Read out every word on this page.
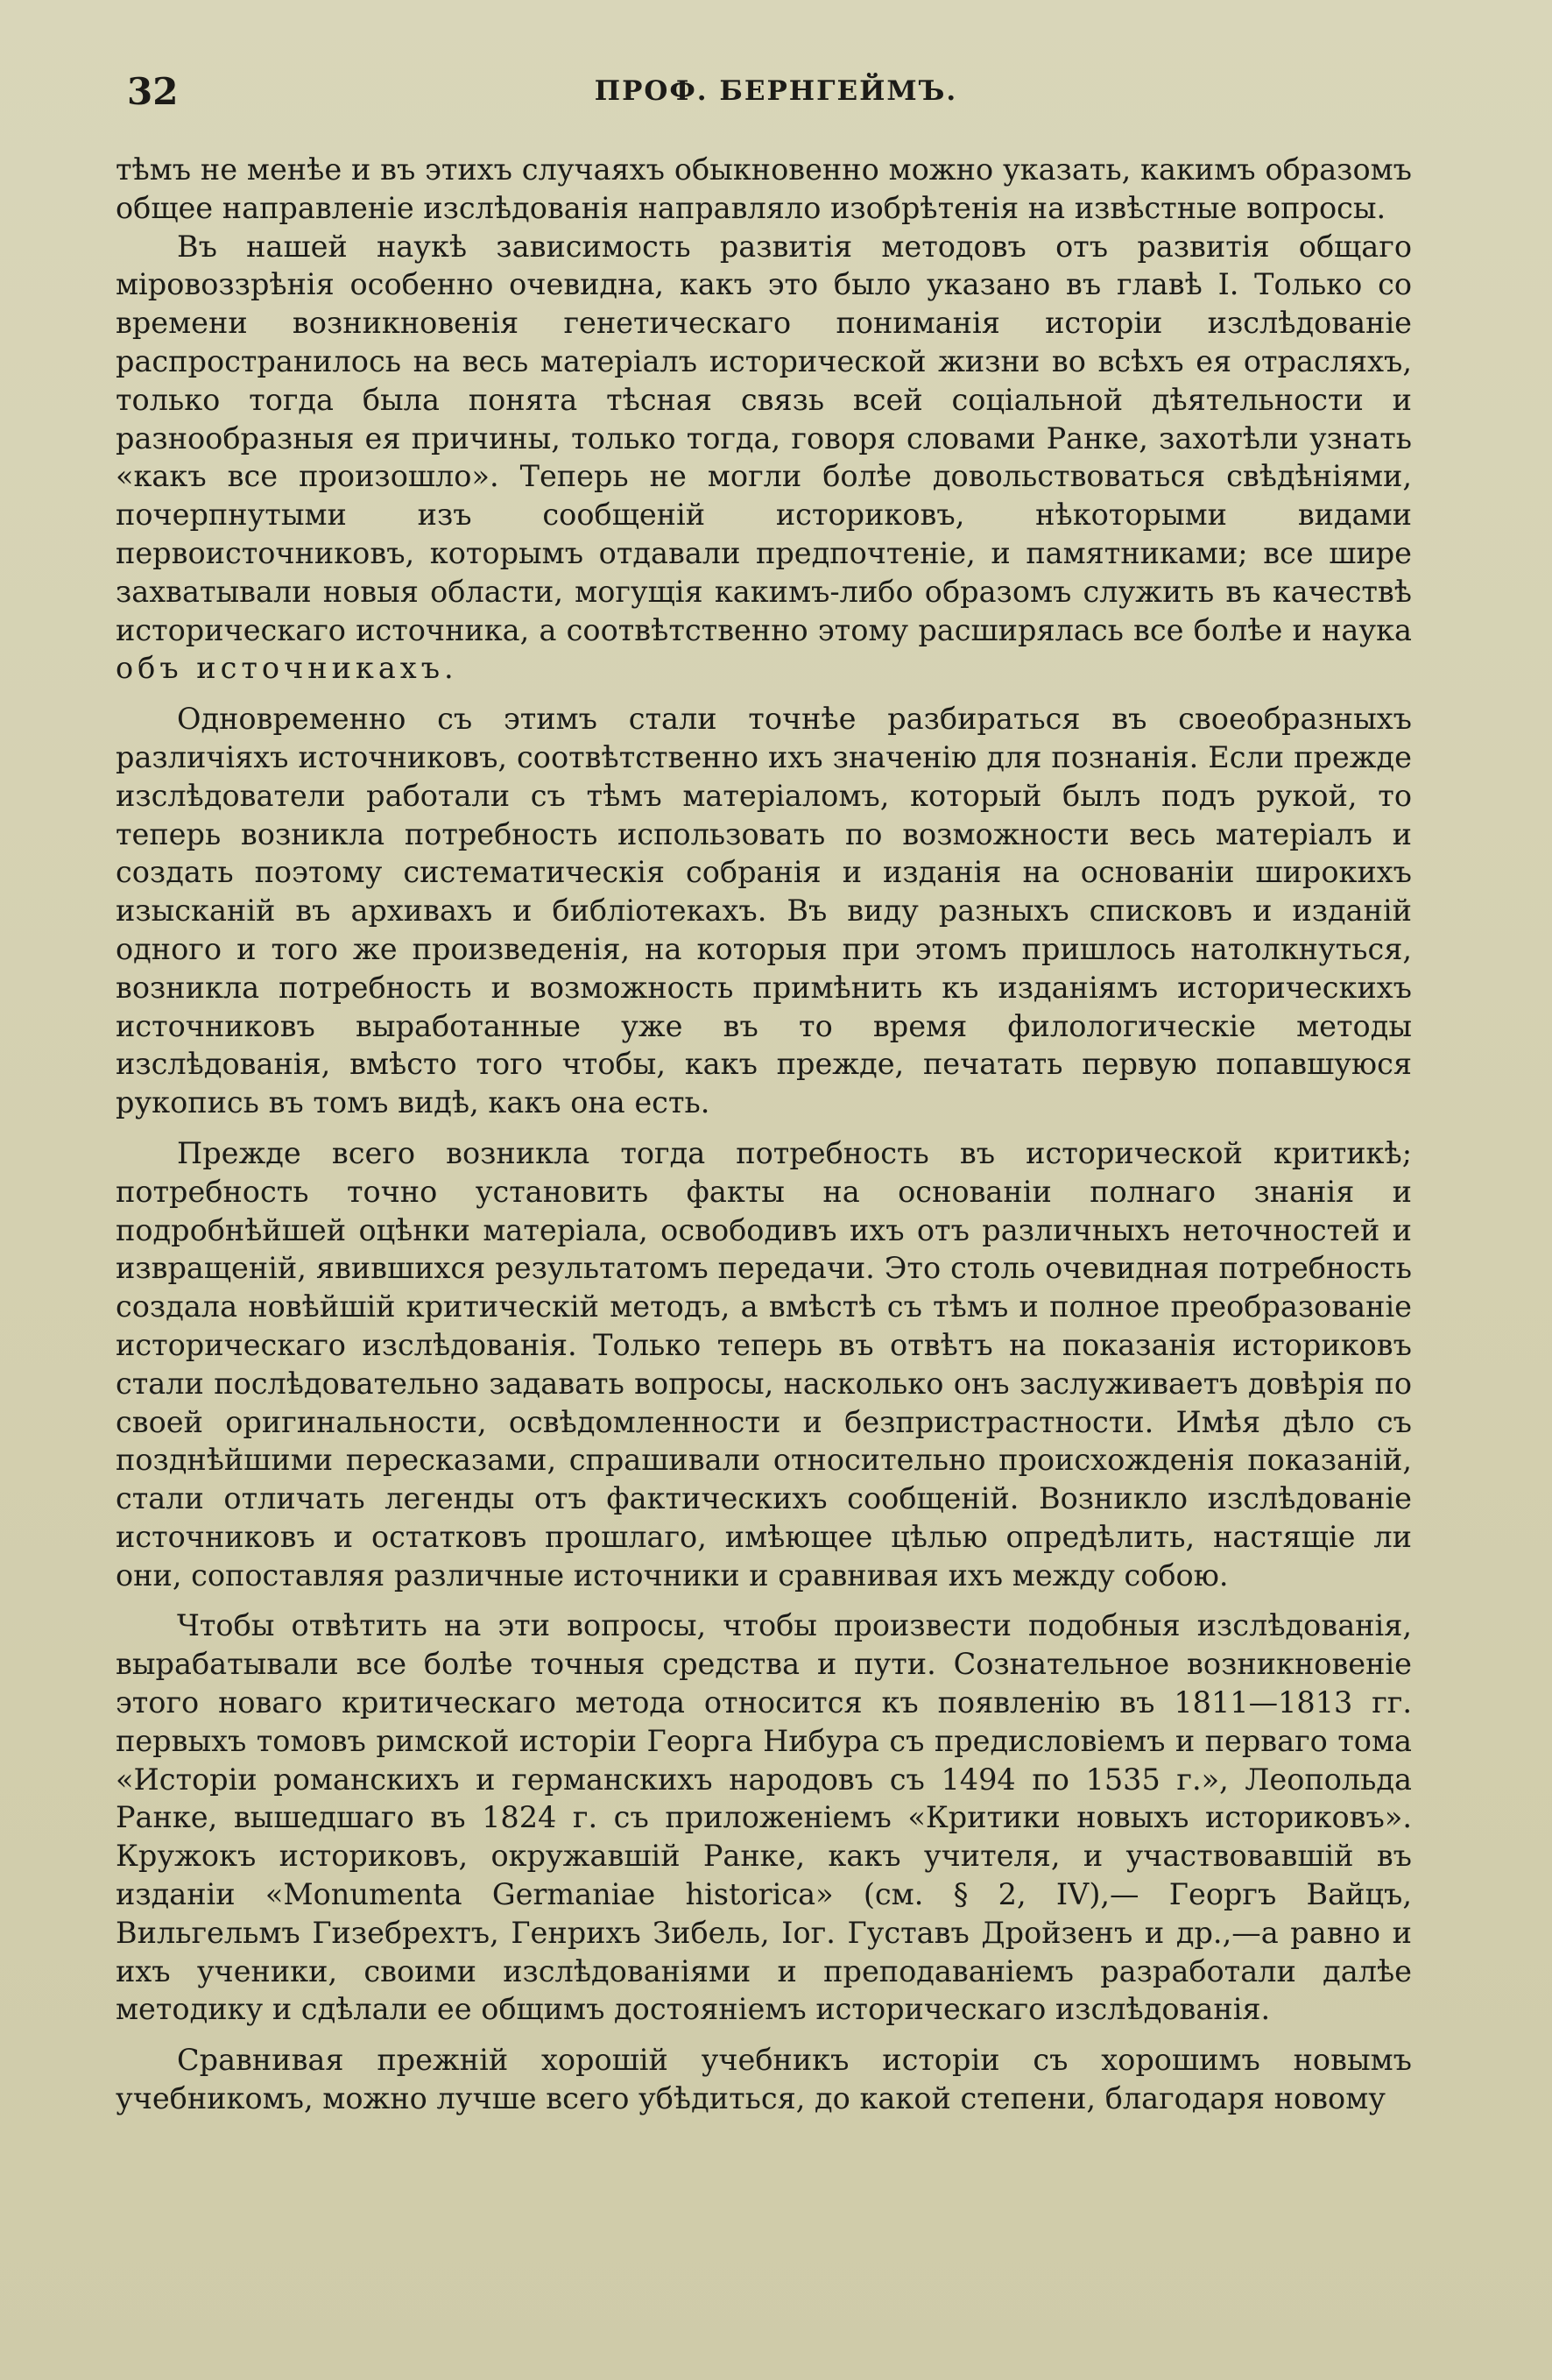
32	ПРОФ. БЕРНГЕЙМЪ.

тѣмъ не менѣе и въ этихъ случаяхъ обыкновенно можно указать, какимъ образомъ общее направленіе изслѣдованія направляло изобрѣтенія на извѣстные вопросы.

Въ нашей наукѣ зависимость развитія методовъ отъ развитія общаго міровоззрѣнія особенно очевидна, какъ это было указано въ главѣ I. Только со времени возникновенія генетическаго пониманія исторіи изслѣдованіе распространилось на весь матеріалъ исторической жизни во всѣхъ ея отрасляхъ, только тогда была понята тѣсная связь всей соціальной дѣятельности и разнообразныя ея причины, только тогда, говоря словами Ранке, захотѣли узнать «какъ все произошло». Теперь не могли болѣе довольствоваться свѣдѣніями, почерпнутыми изъ сообщеній историковъ, нѣкоторыми видами первоисточниковъ, которымъ отдавали предпочтеніе, и памятниками; все шире захватывали новыя области, могущія какимъ-либо образомъ служить въ качествѣ историческаго источника, а соотвѣтственно этому расширялась все болѣе и наука объ источникахъ.

Одновременно съ этимъ стали точнѣе разбираться въ своеобразныхъ различіяхъ источниковъ, соотвѣтственно ихъ значенію для познанія. Если прежде изслѣдователи работали съ тѣмъ матеріаломъ, который былъ подъ рукой, то теперь возникла потребность использовать по возможности весь матеріалъ и создать поэтому систематическія собранія и изданія на основаніи широкихъ изысканій въ архивахъ и библіотекахъ. Въ виду разныхъ списковъ и изданій одного и того же произведенія, на которыя при этомъ пришлось натолкнуться, возникла потребность и возможность примѣнить къ изданіямъ историческихъ источниковъ выработанные уже въ то время филологическіе методы изслѣдованія, вмѣсто того чтобы, какъ прежде, печатать первую попавшуюся рукопись въ томъ видѣ, какъ она есть.

Прежде всего возникла тогда потребность въ исторической критикѣ; потребность точно установить факты на основаніи полнаго знанія и подробнѣйшей оцѣнки матеріала, освободивъ ихъ отъ различныхъ неточностей и извращеній, явившихся результатомъ передачи. Это столь очевидная потребность создала новѣйшій критическій методъ, а вмѣстѣ съ тѣмъ и полное преобразованіе историческаго изслѣдованія. Только теперь въ отвѣтъ на показанія историковъ стали послѣдовательно задавать вопросы, насколько онъ заслуживаетъ довѣрія по своей оригинальности, освѣдомленности и безпристрастности. Имѣя дѣло съ позднѣйшими пересказами, спрашивали относительно происхожденія показаній, стали отличать легенды отъ фактическихъ сообщеній. Возникло изслѣдованіе источниковъ и остатковъ прошлаго, имѣющее цѣлью опредѣлить, настящіе ли они, сопоставляя различные источники и сравнивая ихъ между собою.

Чтобы отвѣтить на эти вопросы, чтобы произвести подобныя изслѣдованія, вырабатывали все болѣе точныя средства и пути. Сознательное возникновеніе этого новаго критическаго метода относится къ появленію въ 1811—1813 гг. первыхъ томовъ римской исторіи Георга Нибура съ предисловіемъ и перваго тома «Исторіи романскихъ и германскихъ народовъ съ 1494 по 1535 г.», Леопольда Ранке, вышедшаго въ 1824 г. съ приложеніемъ «Критики новыхъ историковъ». Кружокъ историковъ, окружавшій Ранке, какъ учителя, и участвовавшій въ изданіи «Monumenta Germaniae historica» (см. § 2, IV),— Георгъ Вайцъ, Вильгельмъ Гизебрехтъ, Генрихъ Зибель, Іог. Густавъ Дройзенъ и др.,—а равно и ихъ ученики, своими изслѣдованіями и преподаваніемъ разработали далѣе методику и сдѣлали ее общимъ достояніемъ историческаго изслѣдованія.

Сравнивая прежній хорошій учебникъ исторіи съ хорошимъ новымъ учебникомъ, можно лучше всего убѣдиться, до какой степени, благодаря новому
